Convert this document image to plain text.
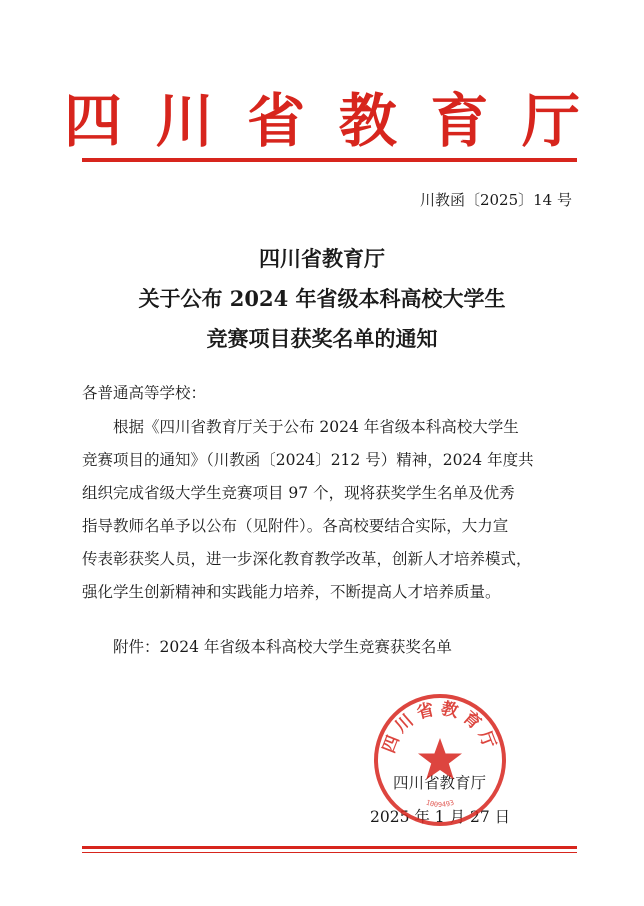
四 川 省 教 育 厅
川教函〔2025〕14 号
四川省教育厅
关于公布 2024 年省级本科高校大学生
竞赛项目获奖名单的通知
各普通高等学校：
根据《四川省教育厅关于公布 2024 年省级本科高校大学生
竞赛项目的通知》（川教函〔2024〕212 号）精神，2024 年度共
组织完成省级大学生竞赛项目 97 个，现将获奖学生名单及优秀
指导教师名单予以公布（见附件）。各高校要结合实际，大力宣
传表彰获奖人员，进一步深化教育教学改革，创新人才培养模式，
强化学生创新精神和实践能力培养，不断提高人才培养质量。
附件：2024 年省级本科高校大学生竞赛获奖名单
四川省教育厅
2025 年 1 月 27 日
四川省教育厅
1009493
